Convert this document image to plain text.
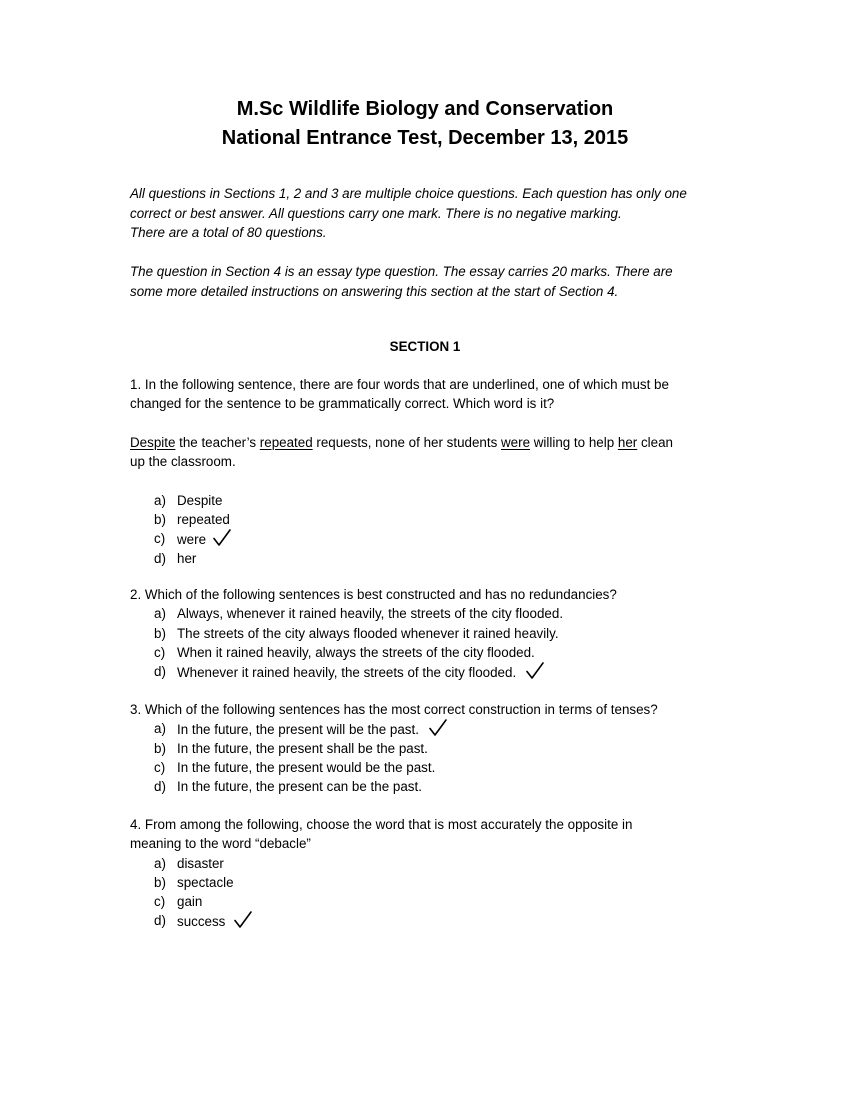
M.Sc Wildlife Biology and Conservation
National Entrance Test, December 13, 2015

All questions in Sections 1, 2 and 3 are multiple choice questions. Each question has only one
correct or best answer. All questions carry one mark. There is no negative marking.
There are a total of 80 questions.

The question in Section 4 is an essay type question. The essay carries 20 marks. There are
some more detailed instructions on answering this section at the start of Section 4.

SECTION 1

1. In the following sentence, there are four words that are underlined, one of which must be
changed for the sentence to be grammatically correct. Which word is it?

Despite the teacher’s repeated requests, none of her students were willing to help her clean
up the classroom.

a) Despite
b) repeated
c) were
d) her

2. Which of the following sentences is best constructed and has no redundancies?

a) Always, whenever it rained heavily, the streets of the city flooded.
b) The streets of the city always flooded whenever it rained heavily.
c) When it rained heavily, always the streets of the city flooded.
d) Whenever it rained heavily, the streets of the city flooded.

3. Which of the following sentences has the most correct construction in terms of tenses?

a) In the future, the present will be the past.
b) In the future, the present shall be the past.
c) In the future, the present would be the past.
d) In the future, the present can be the past.

4. From among the following, choose the word that is most accurately the opposite in
meaning to the word “debacle”

a) disaster
b) spectacle
c) gain
d) success
